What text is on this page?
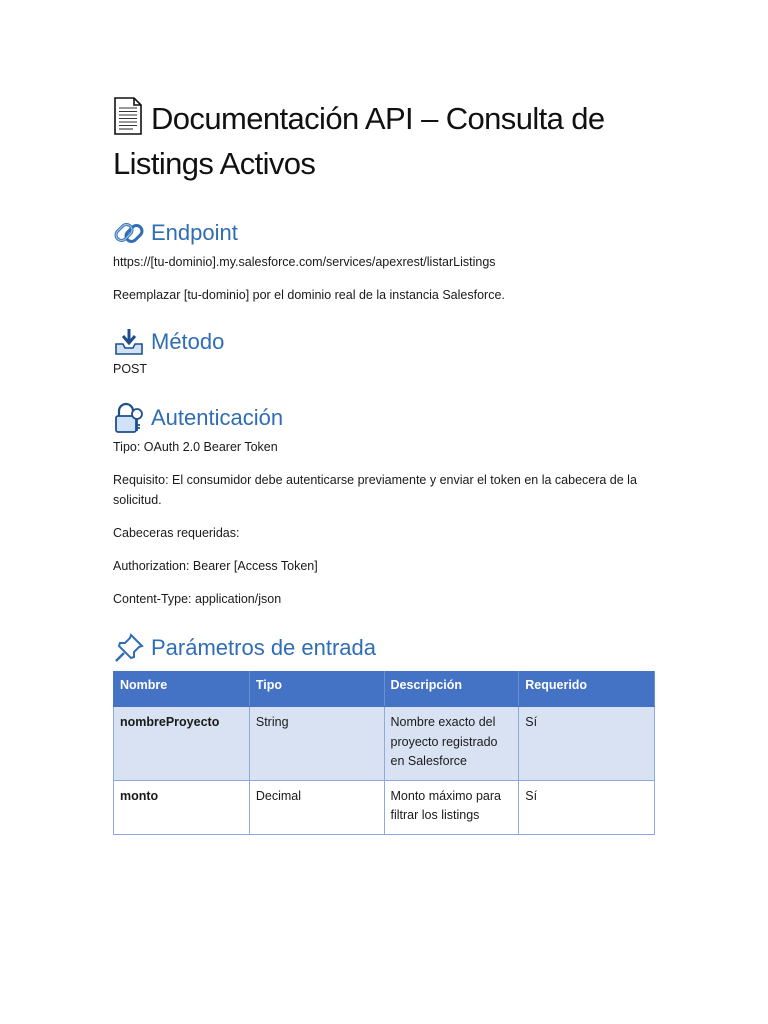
Documentación API – Consulta de Listings Activos
Endpoint

https://[tu-dominio].my.salesforce.com/services/apexrest/listarListings

Reemplazar [tu-dominio] por el dominio real de la instancia Salesforce.

Método

POST

Autenticación

Tipo: OAuth 2.0 Bearer Token

Requisito: El consumidor debe autenticarse previamente y enviar el token en la cabecera de la solicitud.

Cabeceras requeridas:

Authorization: Bearer [Access Token]

Content-Type: application/json

Parámetros de entrada
Nombre	Tipo	Descripción	Requerido
nombreProyecto	String	Nombre exacto del proyecto registrado en Salesforce	Sí
monto	Decimal	Monto máximo para filtrar los listings	Sí
